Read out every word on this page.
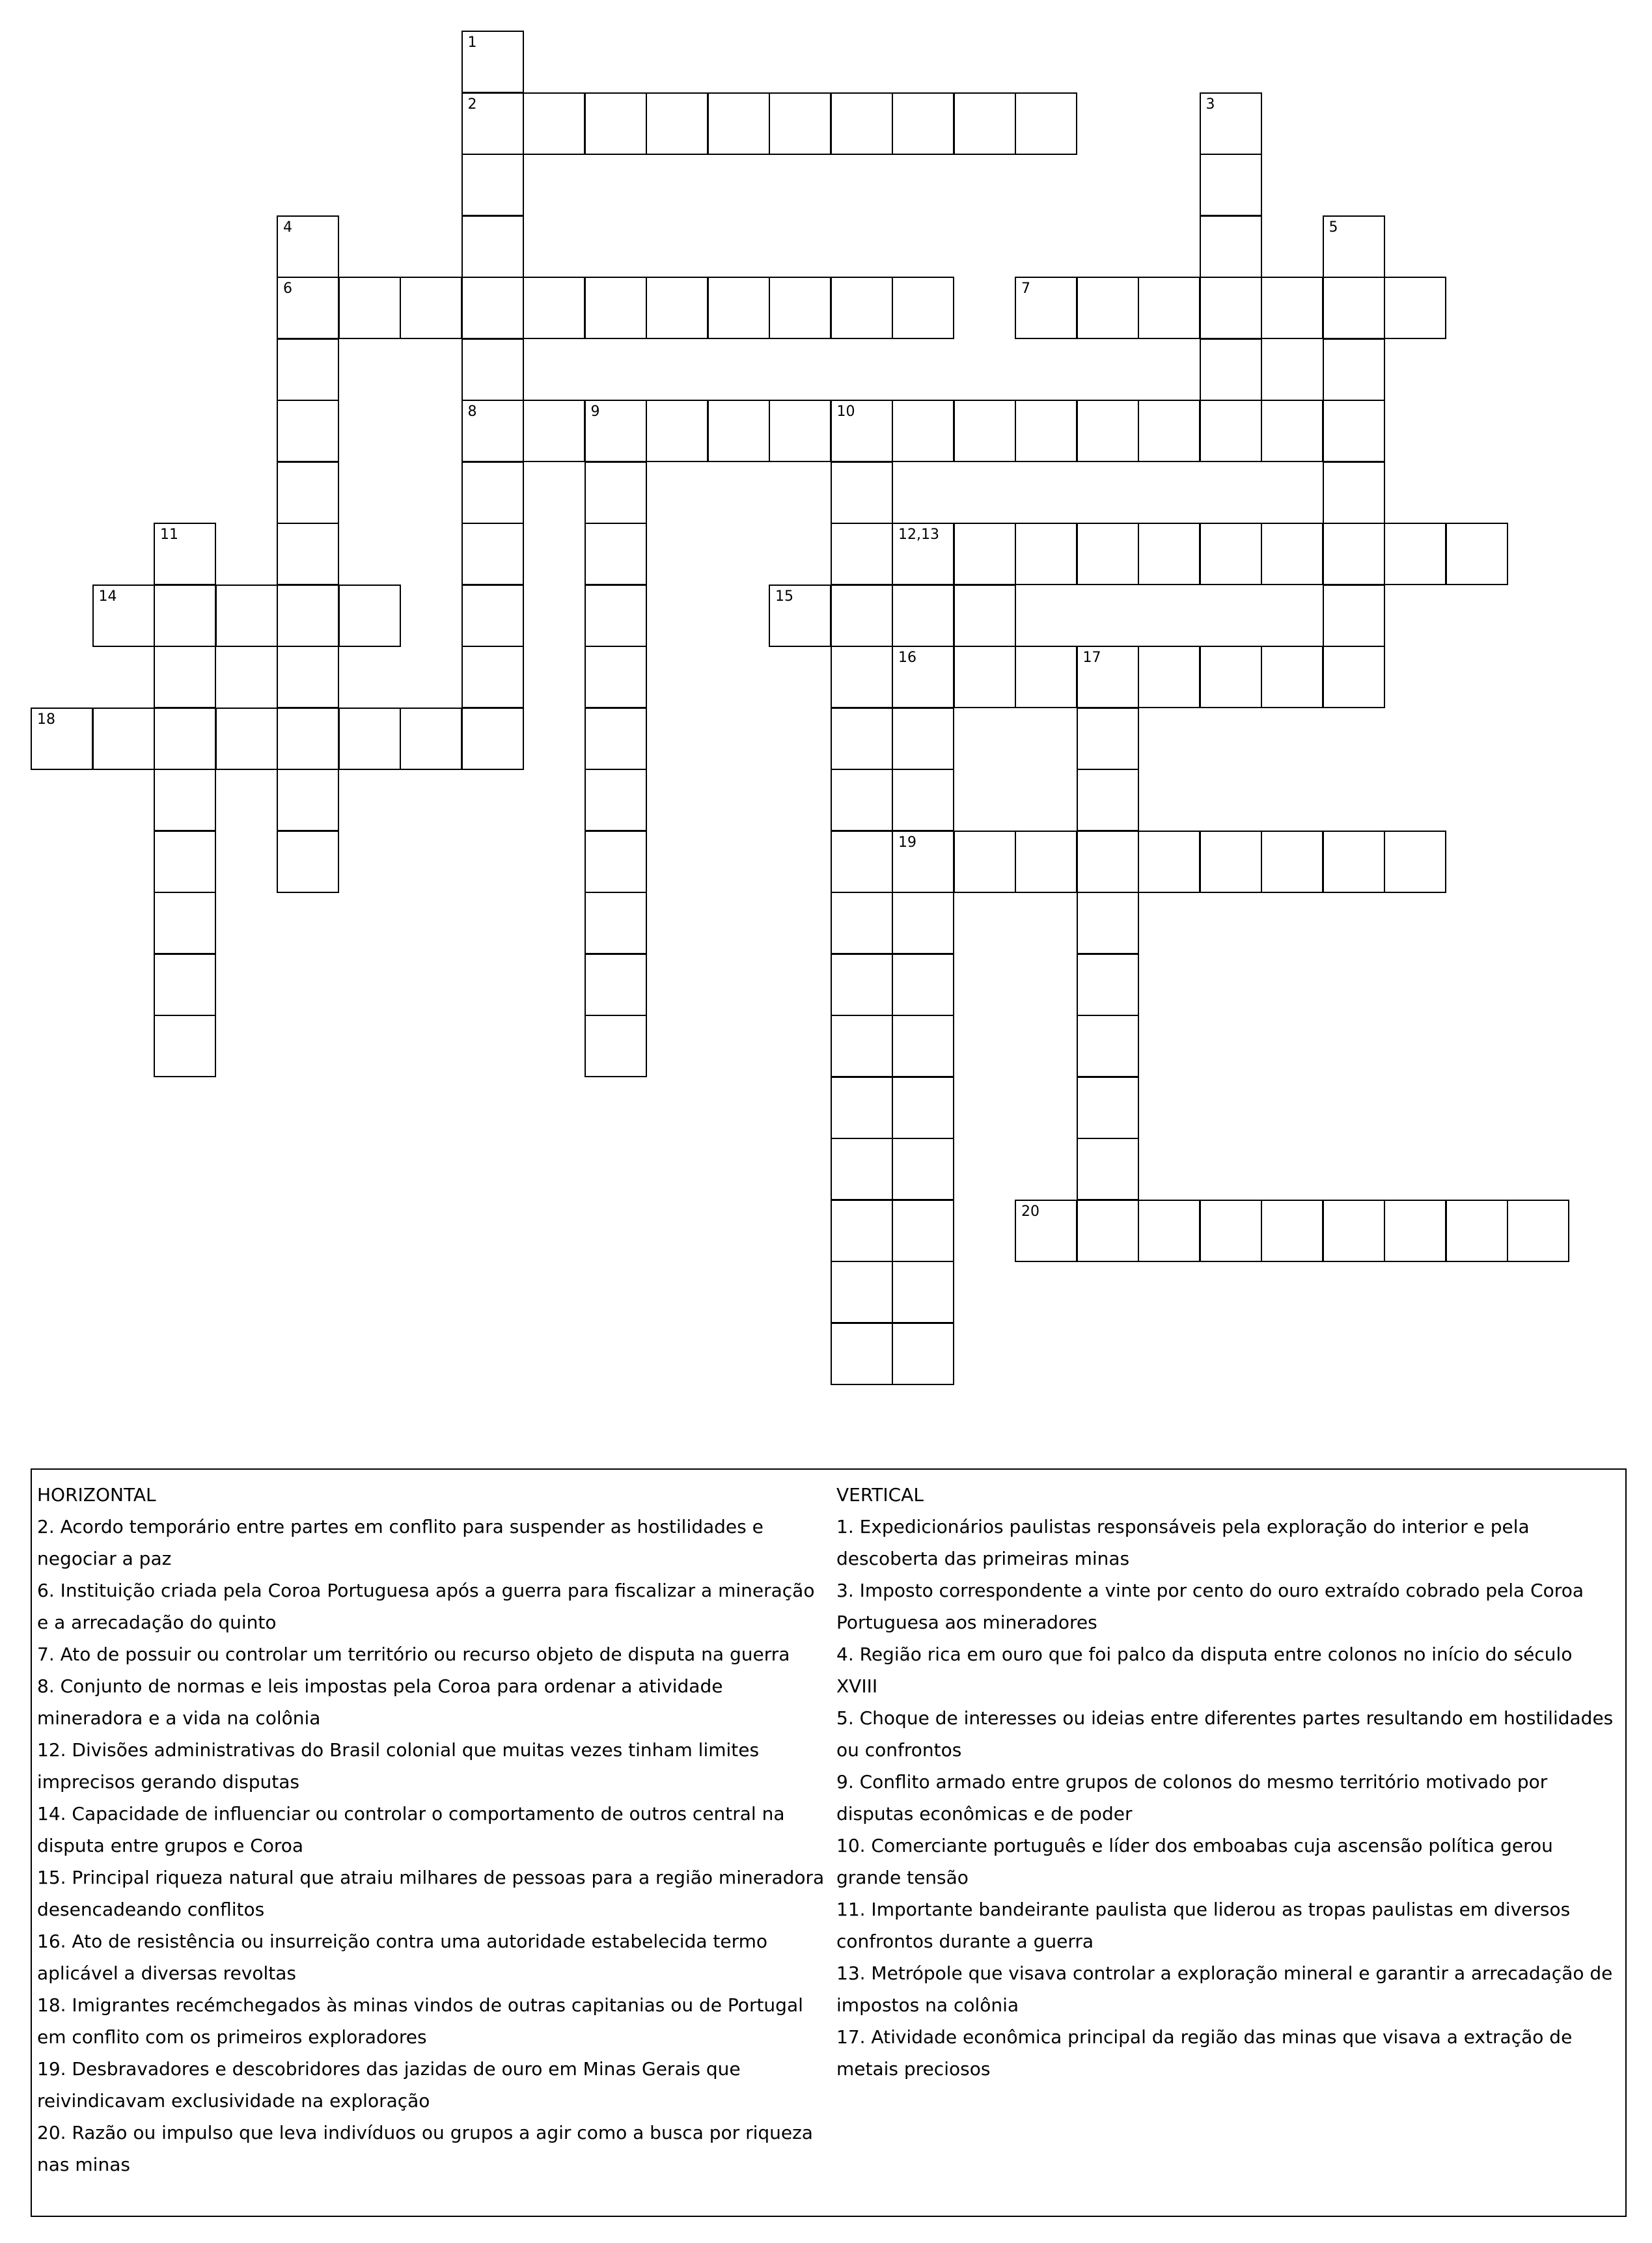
2
6	7
8	9	10
12,13
14	15
16	17
18
19
20
1
3
4	5
11
HORIZONTAL
2. Acordo temporário entre partes em conflito para suspender as hostilidades e negociar a paz
6. Instituição criada pela Coroa Portuguesa após a guerra para fiscalizar a mineração e a arrecadação do quinto
7. Ato de possuir ou controlar um território ou recurso objeto de disputa na guerra
8. Conjunto de normas e leis impostas pela Coroa para ordenar a atividade mineradora e a vida na colônia
12. Divisões administrativas do Brasil colonial que muitas vezes tinham limites imprecisos gerando disputas
14. Capacidade de influenciar ou controlar o comportamento de outros central na disputa entre grupos e Coroa
15. Principal riqueza natural que atraiu milhares de pessoas para a região mineradora desencadeando conflitos
16. Ato de resistência ou insurreição contra uma autoridade estabelecida termo aplicável a diversas revoltas
18. Imigrantes recémchegados às minas vindos de outras capitanias ou de Portugal em conflito com os primeiros exploradores
19. Desbravadores e descobridores das jazidas de ouro em Minas Gerais que reivindicavam exclusividade na exploração
20. Razão ou impulso que leva indivíduos ou grupos a agir como a busca por riqueza nas minas
VERTICAL
1. Expedicionários paulistas responsáveis pela exploração do interior e pela descoberta das primeiras minas
3. Imposto correspondente a vinte por cento do ouro extraído cobrado pela Coroa Portuguesa aos mineradores
4. Região rica em ouro que foi palco da disputa entre colonos no início do século XVIII
5. Choque de interesses ou ideias entre diferentes partes resultando em hostilidades ou confrontos
9. Conflito armado entre grupos de colonos do mesmo território motivado por disputas econômicas e de poder
10. Comerciante português e líder dos emboabas cuja ascensão política gerou grande tensão
11. Importante bandeirante paulista que liderou as tropas paulistas em diversos confrontos durante a guerra
13. Metrópole que visava controlar a exploração mineral e garantir a arrecadação de impostos na colônia
17. Atividade econômica principal da região das minas que visava a extração de metais preciosos
